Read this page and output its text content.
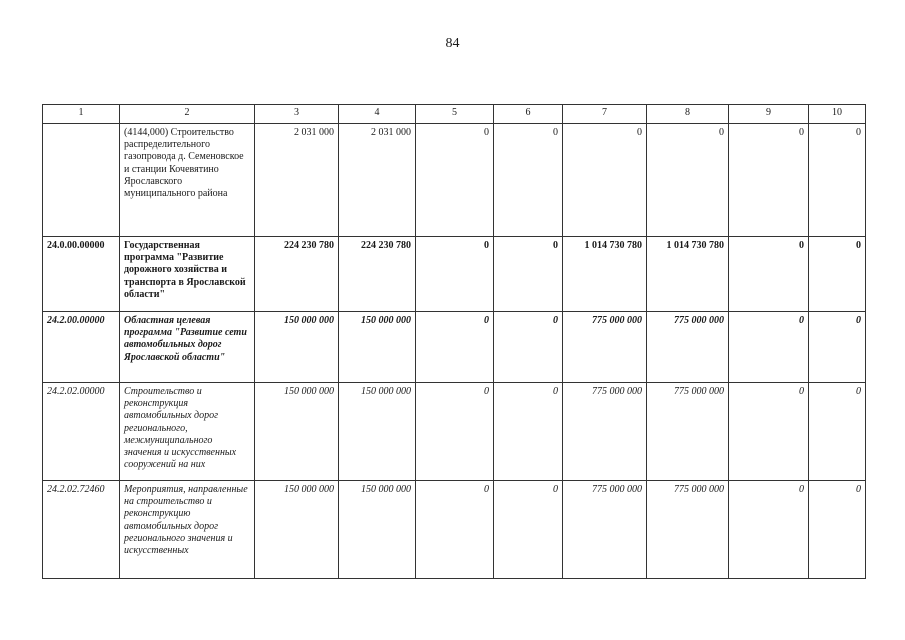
84
1	2	3	4	5	6	7	8	9	10
	(4144,000) Строительство распределительного газопровода д. Семеновское и станции Кочевятино Ярославского муниципального района	2 031 000	2 031 000	0	0	0	0	0	0
24.0.00.00000	Государственная программа "Развитие дорожного хозяйства и транспорта в Ярославской области"	224 230 780	224 230 780	0	0	1 014 730 780	1 014 730 780	0	0
24.2.00.00000	Областная целевая программа "Развитие сети автомобильных дорог Ярославской области"	150 000 000	150 000 000	0	0	775 000 000	775 000 000	0	0
24.2.02.00000	Строительство и реконструкция автомобильных дорог регионального, межмуниципального значения и искусственных сооружений на них	150 000 000	150 000 000	0	0	775 000 000	775 000 000	0	0
24.2.02.72460	Мероприятия, направленные на строительство и реконструкцию автомобильных дорог регионального значения и искусственных	150 000 000	150 000 000	0	0	775 000 000	775 000 000	0	0
